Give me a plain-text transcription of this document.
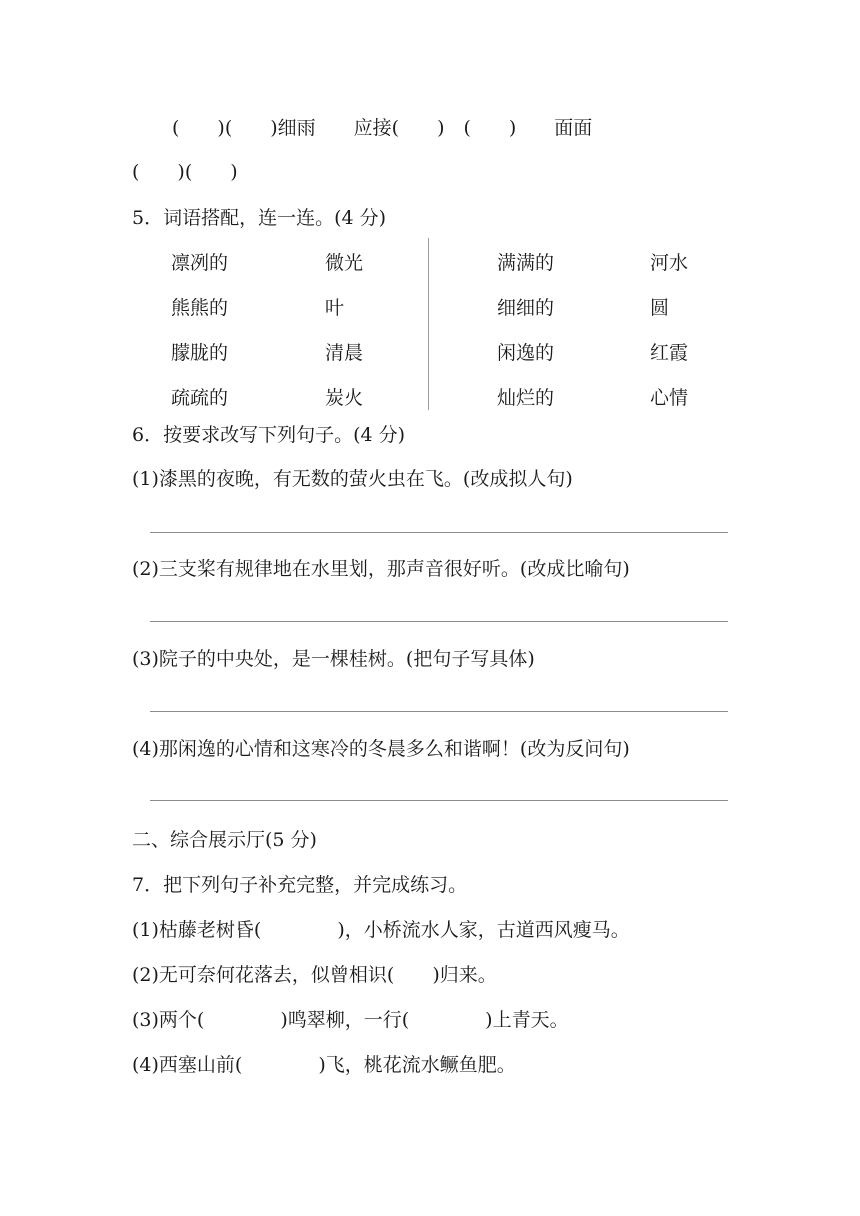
(　　)(　　)细雨　　应接(　　)　(　　)　　面面
(　　)(　　)
5．词语搭配，连一连。(4 分)
凛冽的
熊熊的
朦胧的
疏疏的
微光
叶
清晨
炭火
满满的
细细的
闲逸的
灿烂的
河水
圆
红霞
心情
6．按要求改写下列句子。(4 分)
(1)漆黑的夜晚，有无数的萤火虫在飞。(改成拟人句)
(2)三支桨有规律地在水里划，那声音很好听。(改成比喻句)
(3)院子的中央处，是一棵桂树。(把句子写具体)
(4)那闲逸的心情和这寒冷的冬晨多么和谐啊！(改为反问句)
二、综合展示厅(5 分)
7．把下列句子补充完整，并完成练习。
(1)枯藤老树昏(　　　　)，小桥流水人家，古道西风瘦马。
(2)无可奈何花落去，似曾相识(　　)归来。
(3)两个(　　　　)鸣翠柳，一行(　　　　)上青天。
(4)西塞山前(　　　　)飞，桃花流水鳜鱼肥。
